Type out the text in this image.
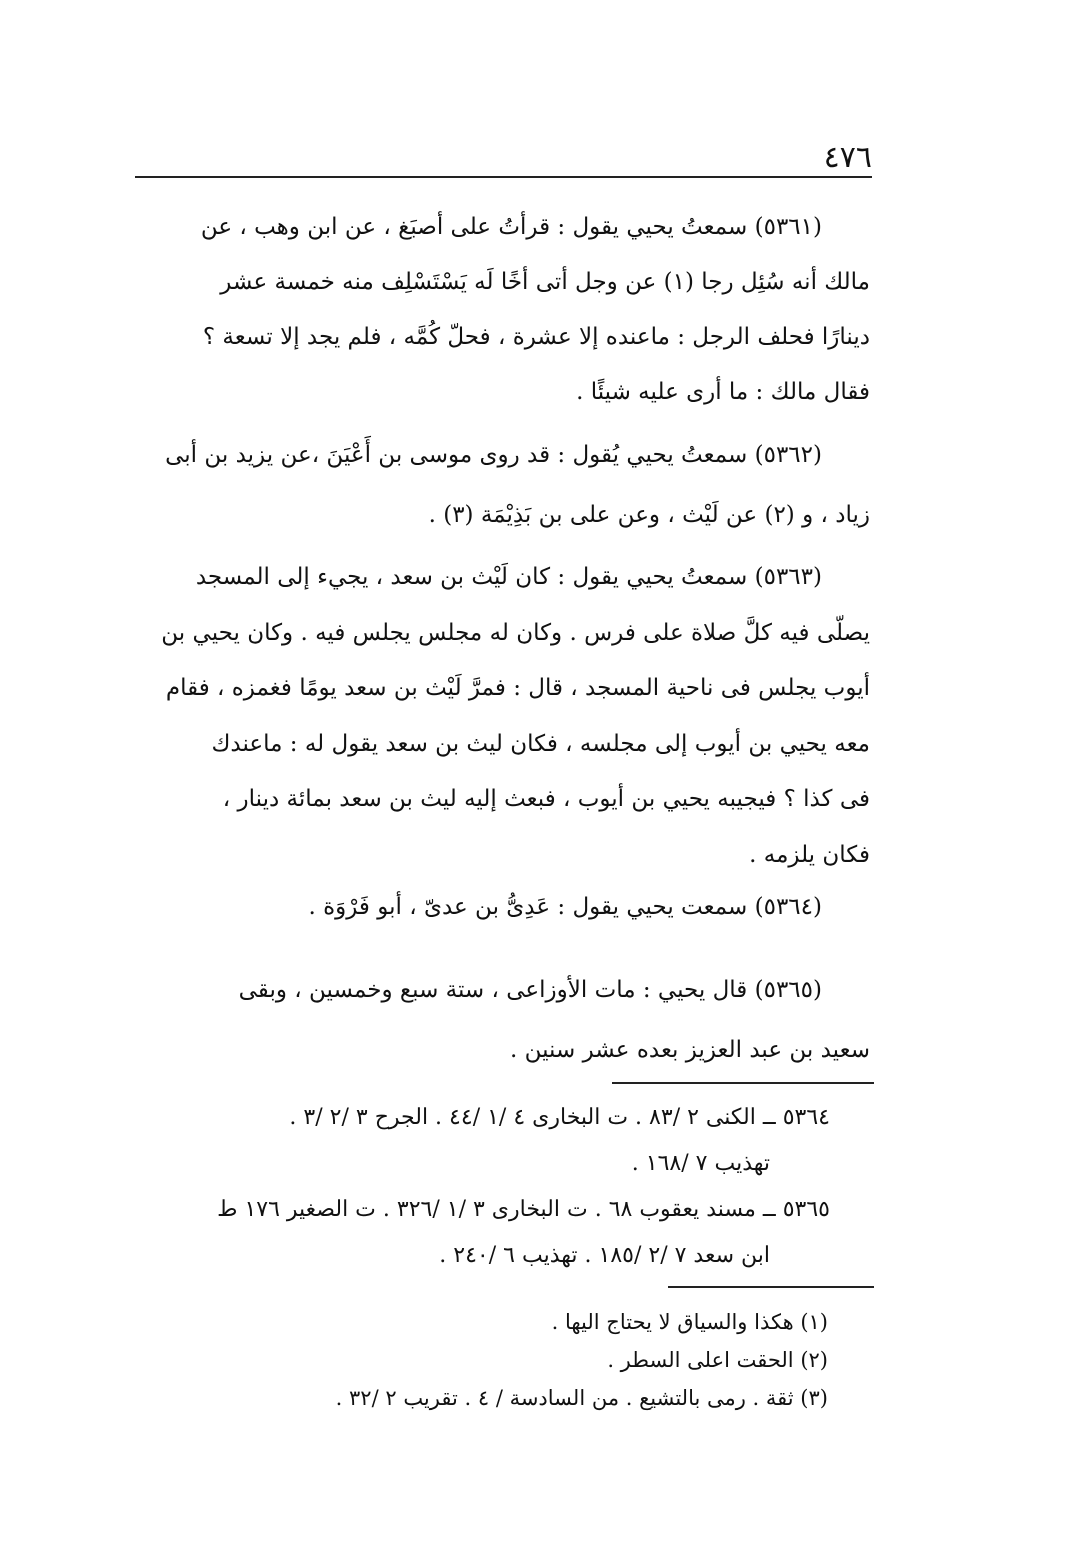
٤٧٦
(٥٣٦١) سمعتُ يحيي يقول : قرأتُ على أصبَغ ، عن ابن وهب ، عن
مالك أنه سُئِل رجا (١) عن وجل أتى أخًا لَه يَسْتَسْلِف منه خمسة عشر
دينارًا فحلف الرجل : ماعنده إلا عشرة ، فحلّ كُمَّه ، فلم يجد إلا تسعة ؟
فقال مالك : ما أرى عليه شيئًا .
(٥٣٦٢) سمعتُ يحيي يُقول : قد روى موسى بن أَعْيَنَ ،عن يزيد بن أبى
زياد ، و (٢) عن لَيْث ، وعن على بن بَذِيْمَة (٣) .
(٥٣٦٣) سمعتُ يحيي يقول : كان لَيْث بن سعد ، يجيء إلى المسجد
يصلّى فيه كلَّ صلاة على فرس . وكان له مجلس يجلس فيه . وكان يحيي بن
أيوب يجلس فى ناحية المسجد ، قال : فمرَّ لَيْث بن سعد يومًا فغمزه ، فقام
معه يحيي بن أيوب إلى مجلسه ، فكان ليث بن سعد يقول له : ماعندك
فى كذا ؟ فيجيبه يحيي بن أيوب ، فبعث إليه ليث بن سعد بمائة دينار ،
فكان يلزمه .
(٥٣٦٤) سمعت يحيي يقول : عَدِىُّ بن عدىّ ، أبو فَرْوَة .
(٥٣٦٥) قال يحيي : مات الأوزاعى ، ستة سبع وخمسين ، وبقى
سعيد بن عبد العزيز بعده عشر سنين .
٥٣٦٤ ــ الكنى ٢ /٨٣ . ت البخارى ٤ /١ /٤٤ . الجرح ٣ /٢ /٣ .
تهذيب ٧ /١٦٨ .
٥٣٦٥ ــ مسند يعقوب ٦٨ . ت البخارى ٣ /١ /٣٢٦ . ت الصغير ١٧٦ ط
ابن سعد ٧ /٢ /١٨٥ . تهذيب ٦ /٢٤٠ .
(١) هكذا والسياق لا يحتاج اليها .
(٢) الحقت اعلى السطر .
(٣) ثقة . رمى بالتشيع . من السادسة / ٤ . تقريب ٢ /٣٢ .
